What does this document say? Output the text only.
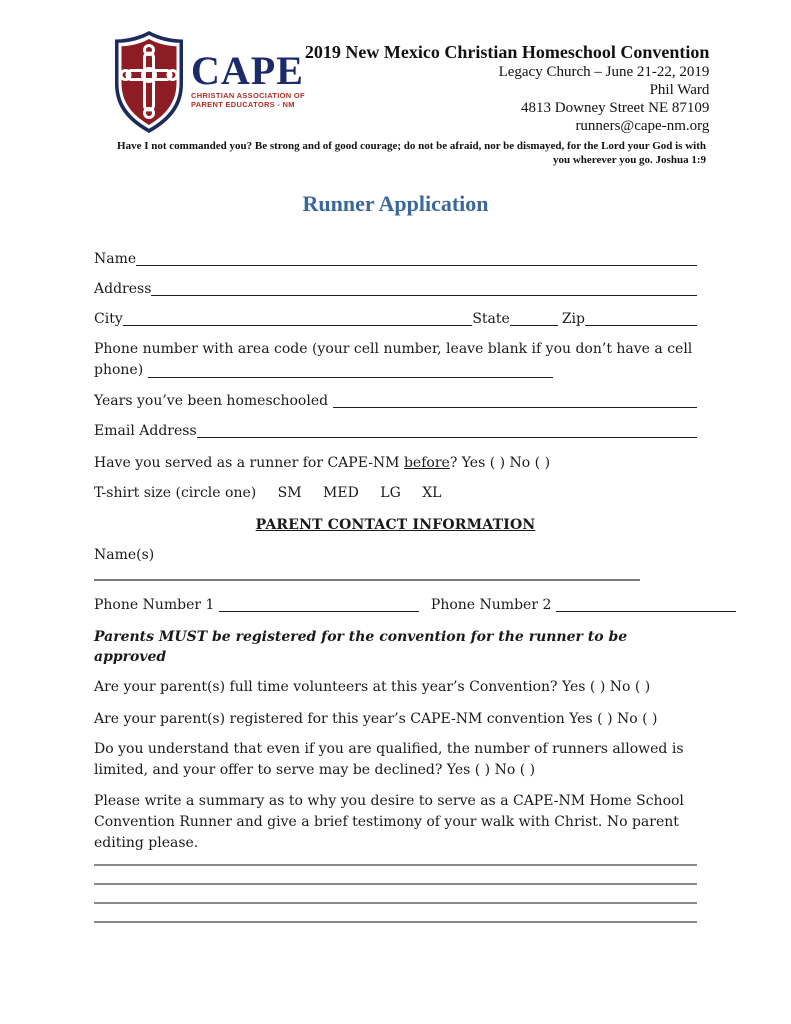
CAPE
CHRISTIAN ASSOCIATION OF
PARENT EDUCATORS - NM
2019 New Mexico Christian Homeschool Convention
Legacy Church – June 21-22, 2019
Phil Ward
4813 Downey Street NE 87109
runners@cape-nm.org
Have I not commanded you? Be strong and of good courage; do not be afraid, nor be dismayed, for the Lord your God is with
you wherever you go. Joshua 1:9
Runner Application
Name
Address
City	State	Zip
Phone number with area code (your cell number, leave blank if you don’t have a cell
phone)
Years you’ve been homeschooled
Email Address
Have you served as a runner for CAPE-NM before? Yes ( ) No ( )
T-shirt size (circle one) SM MED LG XL
PARENT CONTACT INFORMATION
Name(s)
Phone Number 1	Phone Number 2
Parents MUST be registered for the convention for the runner to be approved
Are your parent(s) full time volunteers at this year’s Convention? Yes ( ) No ( )
Are your parent(s) registered for this year’s CAPE-NM convention Yes ( ) No ( )
Do you understand that even if you are qualified, the number of runners allowed is
limited, and your offer to serve may be declined? Yes ( ) No ( )
Please write a summary as to why you desire to serve as a CAPE-NM Home School
Convention Runner and give a brief testimony of your walk with Christ. No parent
editing please.
